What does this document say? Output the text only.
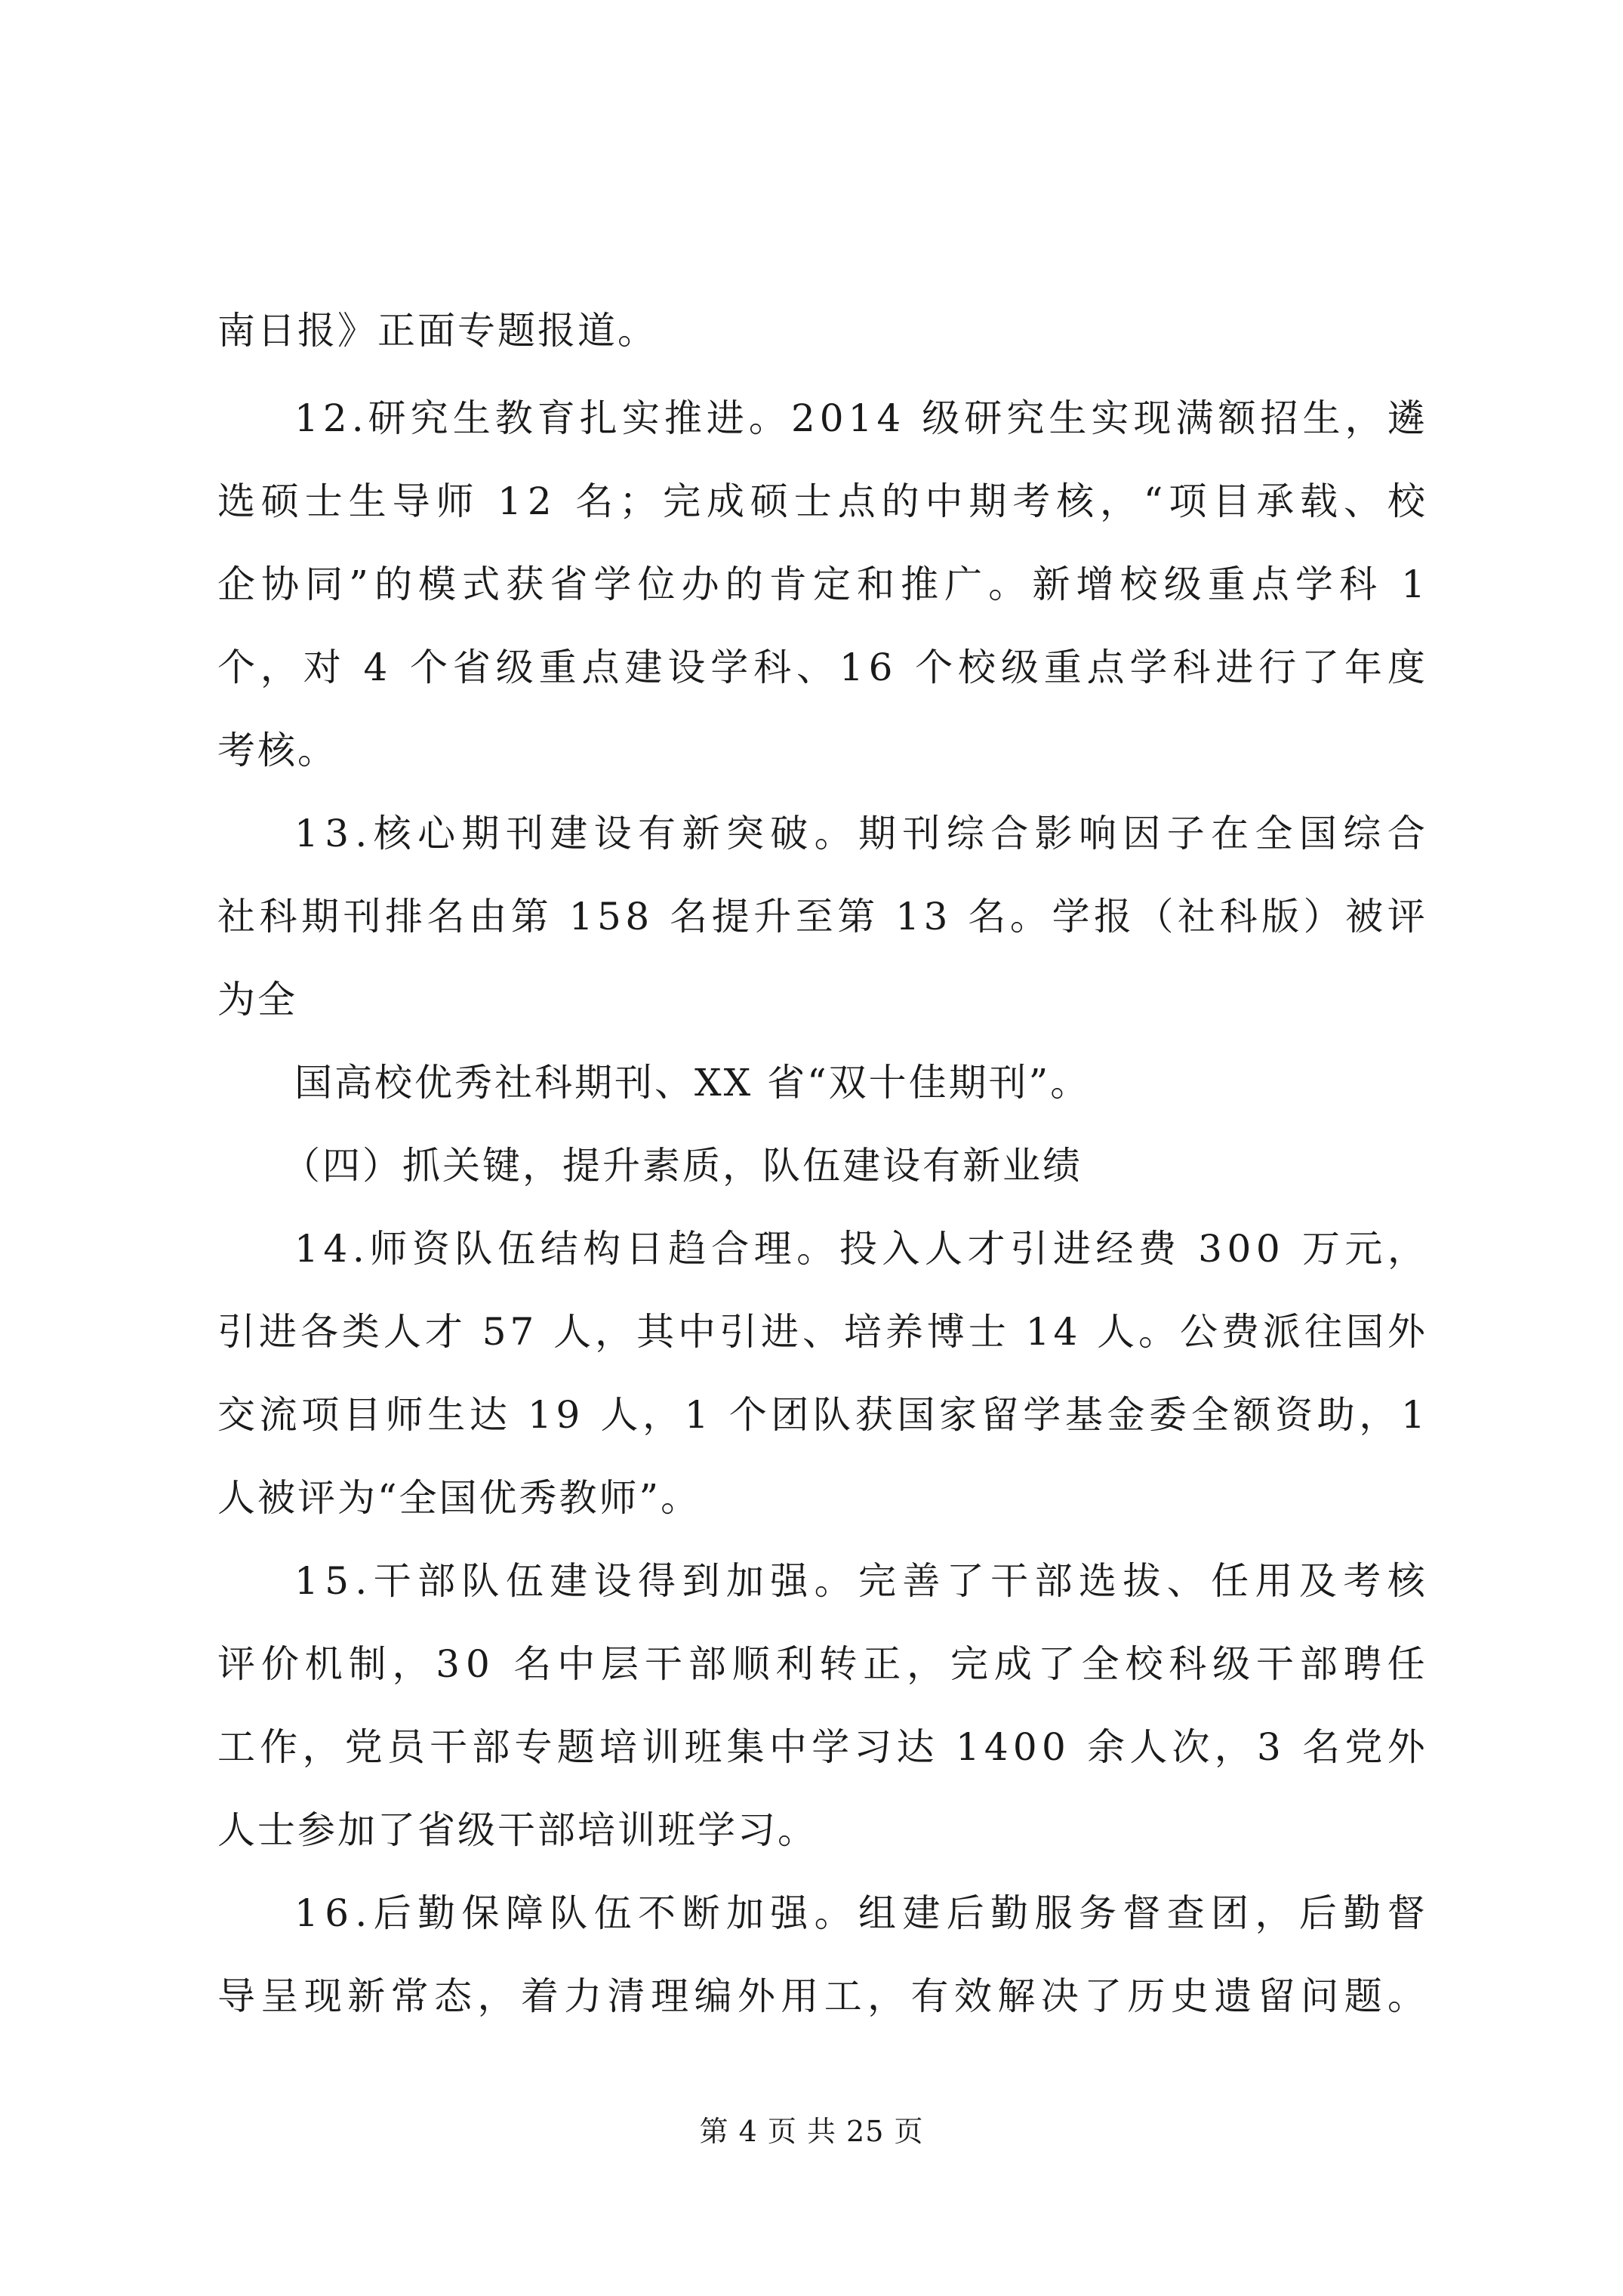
南日报》正面专题报道。
1 2 . 研 究 生 教 育 扎 实 推 进 。 2 0 1 4
级 研 究 生 实 现 满 额 招 生 ， 遴
选 硕 士 生 导 师
1 2
名 ； 完 成 硕 士 点 的 中 期 考 核 ， “ 项 目 承 载 、 校
企 协 同 ” 的 模 式 获 省 学 位 办 的 肯 定 和 推 广 。 新 增 校 级 重 点 学 科
1
个 ， 对
4
个 省 级 重 点 建 设 学 科 、 1 6
个 校 级 重 点 学 科 进 行 了 年 度
考核。
1 3 . 核 心 期 刊 建 设 有 新 突 破 。 期 刊 综 合 影 响 因 子 在 全 国 综 合
社 科 期 刊 排 名 由 第
1 5 8
名 提 升 至 第
1 3
名 。 学 报 （ 社 科 版 ） 被 评
为全
国高校优秀社科期刊、XX 省“双十佳期刊”。
（四）抓关键，提升素质，队伍建设有新业绩
1 4 . 师 资 队 伍 结 构 日 趋 合 理 。 投 入 人 才 引 进 经 费
3 0 0
万 元 ，
引 进 各 类 人 才
5 7
人 ， 其 中 引 进 、 培 养 博 士
1 4
人 。 公 费 派 往 国 外
交 流 项 目 师 生 达
1 9
人 ， 1
个 团 队 获 国 家 留 学 基 金 委 全 额 资 助 ， 1
人被评为“全国优秀教师”。
1 5 . 干 部 队 伍 建 设 得 到 加 强 。 完 善 了 干 部 选 拔 、 任 用 及 考 核
评 价 机 制 ， 3 0
名 中 层 干 部 顺 利 转 正 ， 完 成 了 全 校 科 级 干 部 聘 任
工 作 ， 党 员 干 部 专 题 培 训 班 集 中 学 习 达
1 4 0 0
余 人 次 ， 3
名 党 外
人士参加了省级干部培训班学习。
1 6 . 后 勤 保 障 队 伍 不 断 加 强 。 组 建 后 勤 服 务 督 查 团 ， 后 勤 督
导 呈 现 新 常 态 ， 着 力 清 理 编 外 用 工 ， 有 效 解 决 了 历 史 遗 留 问 题 。
第 4 页 共 25 页
